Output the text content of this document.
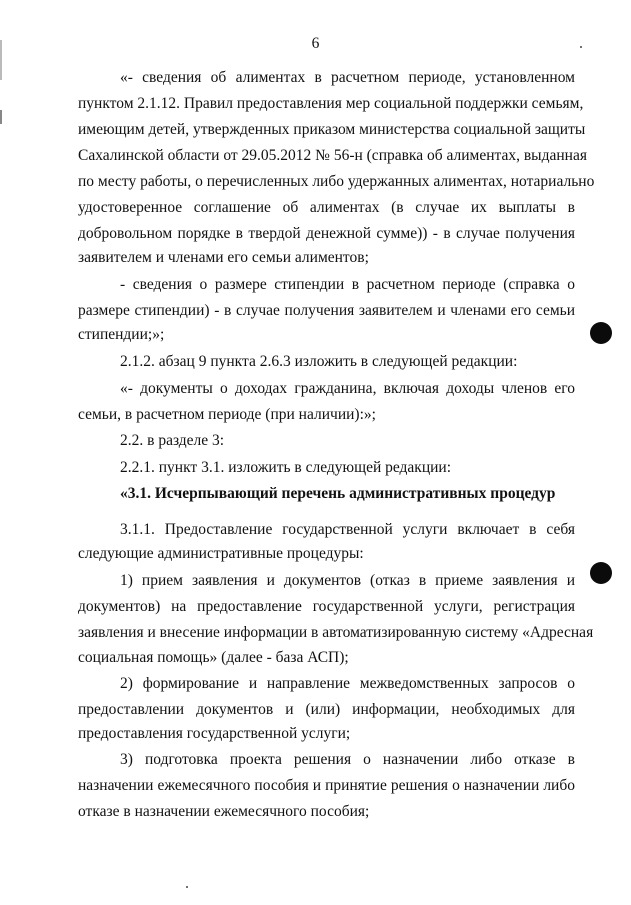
6
«- сведения об алиментах в расчетном периоде, установленном
пунктом 2.1.12. Правил предоставления мер социальной поддержки семьям,
имеющим детей, утвержденных приказом министерства социальной защиты
Сахалинской области от 29.05.2012 № 56-н (справка об алиментах, выданная
по месту работы, о перечисленных либо удержанных алиментах, нотариально
удостоверенное соглашение об алиментах (в случае их выплаты в
добровольном порядке в твердой денежной сумме)) - в случае получения
заявителем и членами его семьи алиментов;
- сведения о размере стипендии в расчетном периоде (справка о
размере стипендии) - в случае получения заявителем и членами его семьи
стипендии;»;
2.1.2. абзац 9 пункта 2.6.3 изложить в следующей редакции:
«- документы о доходах гражданина, включая доходы членов его
семьи, в расчетном периоде (при наличии):»;
2.2. в разделе 3:
2.2.1. пункт 3.1. изложить в следующей редакции:
«3.1. Исчерпывающий перечень административных процедур
3.1.1. Предоставление государственной услуги включает в себя
следующие административные процедуры:
1) прием заявления и документов (отказ в приеме заявления и
документов) на предоставление государственной услуги, регистрация
заявления и внесение информации в автоматизированную систему «Адресная
социальная помощь» (далее - база АСП);
2) формирование и направление межведомственных запросов о
предоставлении документов и (или) информации, необходимых для
предоставления государственной услуги;
3) подготовка проекта решения о назначении либо отказе в
назначении ежемесячного пособия и принятие решения о назначении либо
отказе в назначении ежемесячного пособия;
